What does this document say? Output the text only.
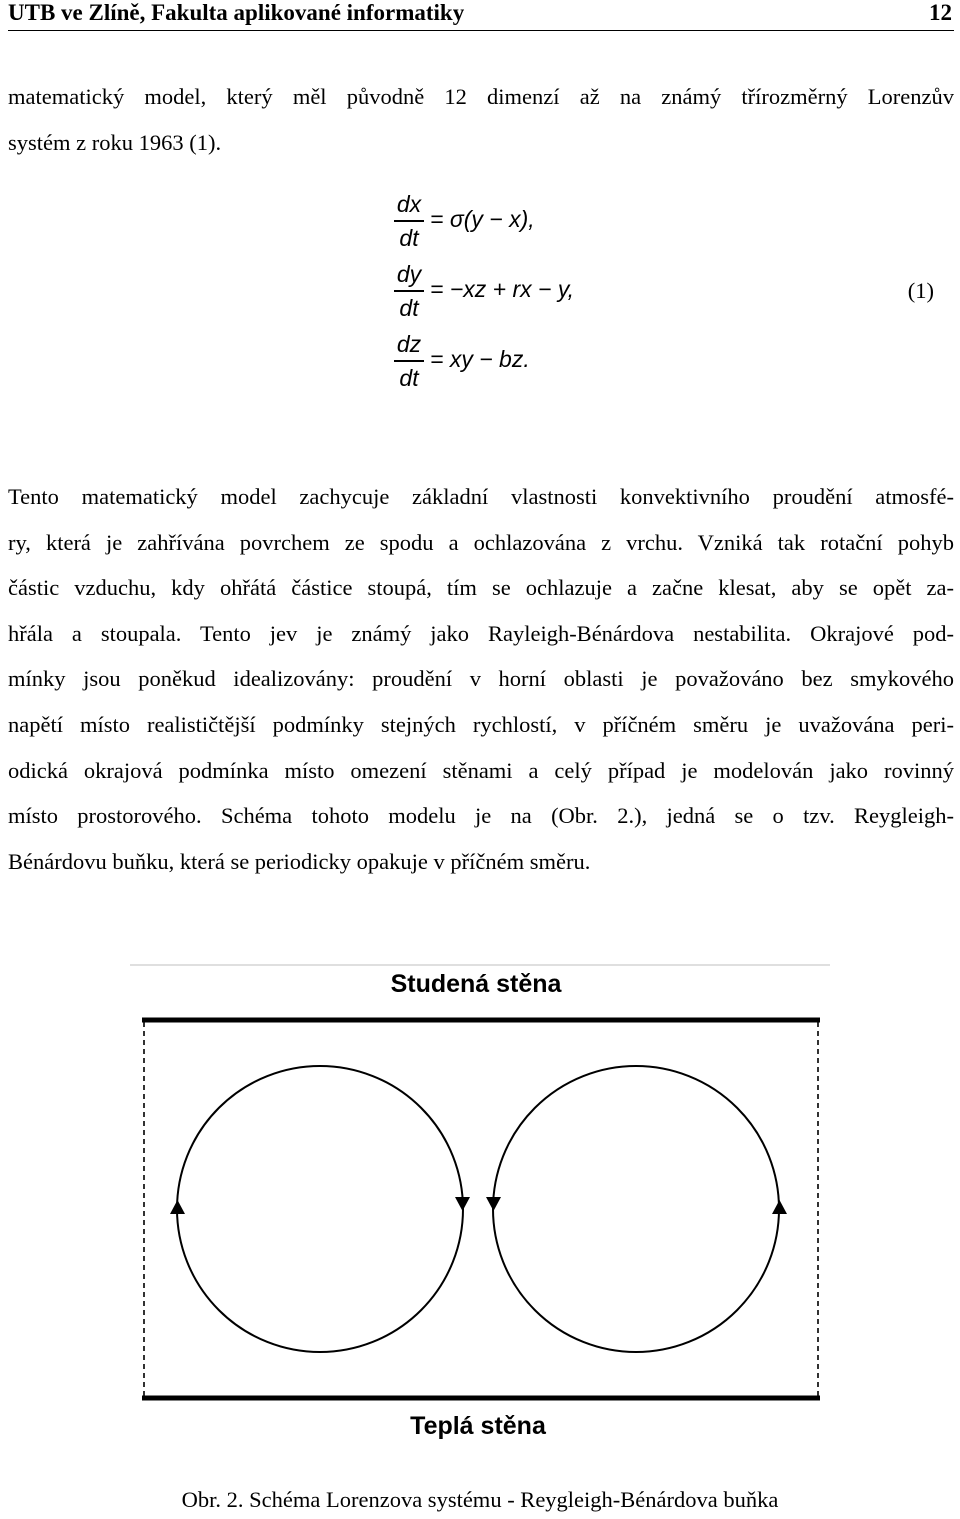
UTB ve Zlíně, Fakulta aplikované informatiky	12
matematický model, který měl původně 12 dimenzí až na známý třírozměrný Lorenzův
systém z roku 1963 (1).
dx
dt
= σ(y − x),
dy
dt
= −xz + rx − y,
dz
dt
= xy − bz.
(1)
Tento matematický model zachycuje základní vlastnosti konvektivního proudění atmosfé-
ry, která je zahřívána povrchem ze spodu a ochlazována z vrchu. Vzniká tak rotační pohyb
částic vzduchu, kdy ohřátá částice stoupá, tím se ochlazuje a začne klesat, aby se opět za-
hřála a stoupala. Tento jev je známý jako Rayleigh-Bénárdova nestabilita. Okrajové pod-
mínky jsou poněkud idealizovány: proudění v horní oblasti je považováno bez smykového
napětí místo realističtější podmínky stejných rychlostí, v příčném směru je uvažována peri-
odická okrajová podmínka místo omezení stěnami a celý případ je modelován jako rovinný
místo prostorového. Schéma tohoto modelu je na (Obr. 2.), jedná se o tzv. Reygleigh-
Bénárdovu buňku, která se periodicky opakuje v příčném směru.
Studená stěna
Teplá stěna
Obr. 2. Schéma Lorenzova systému - Reygleigh-Bénárdova buňka
